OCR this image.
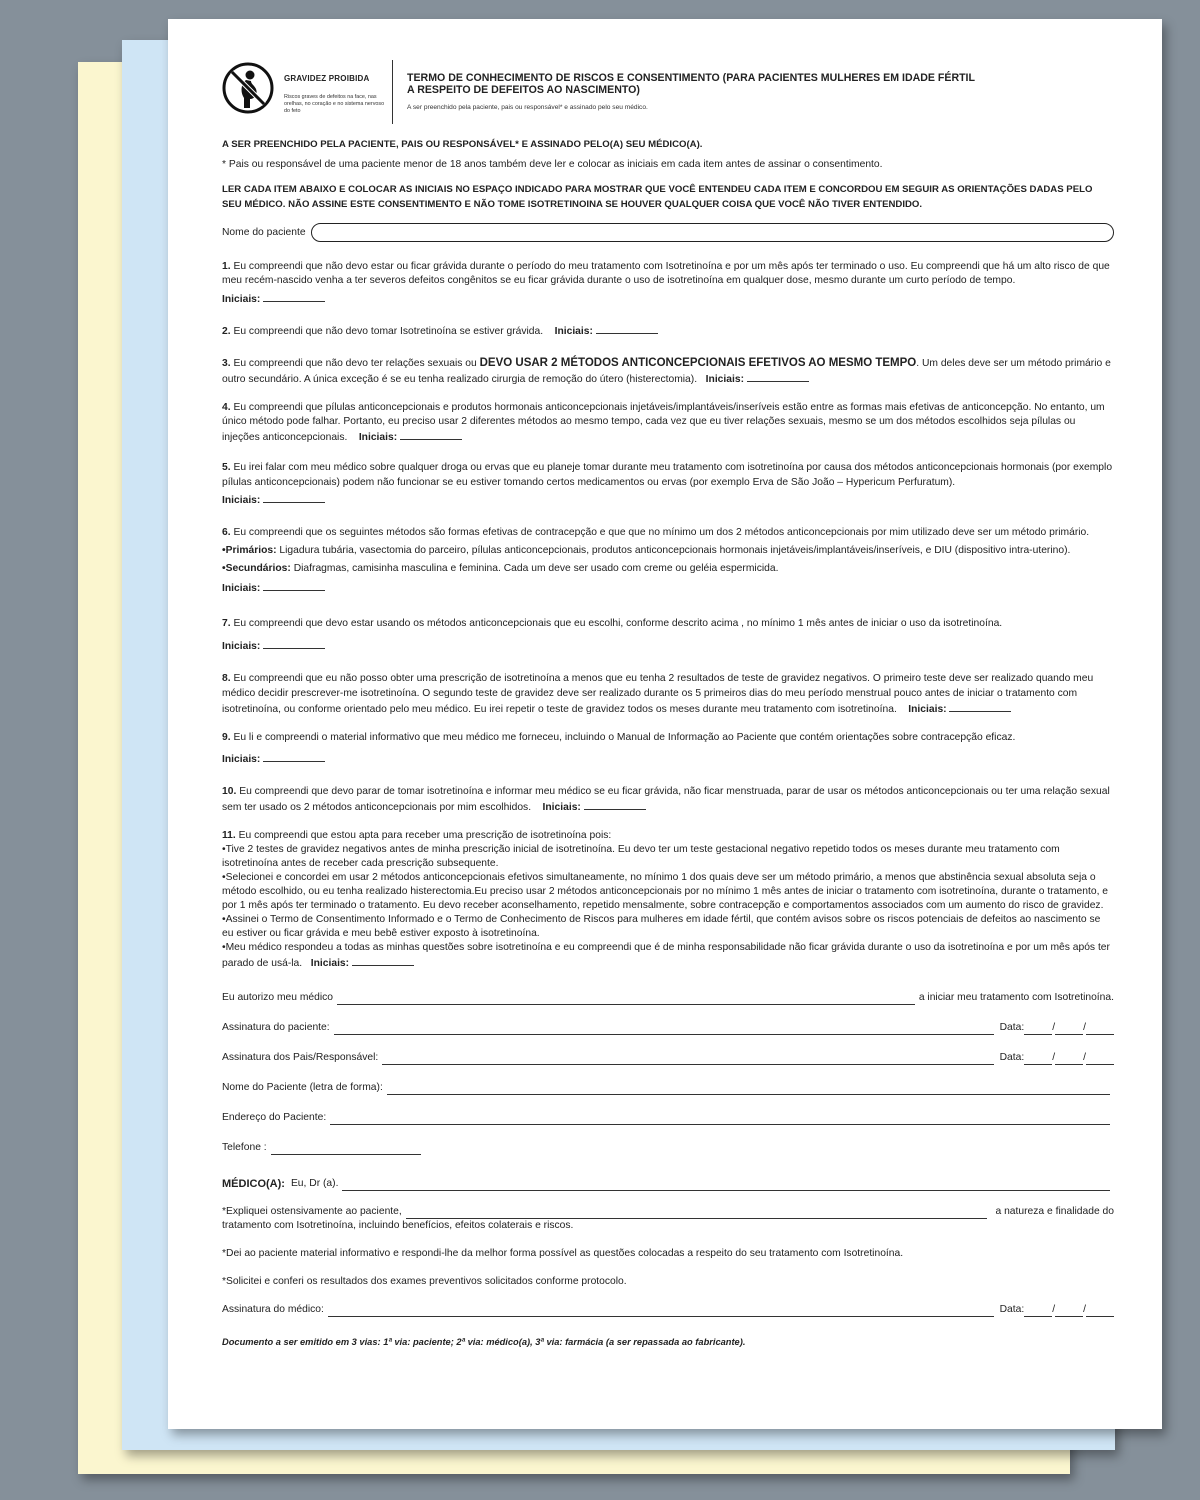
GRAVIDEZ PROIBIDA
Riscos graves de defeitos na face, nas orelhas, no coração e no sistema nervoso do feto
TERMO DE CONHECIMENTO DE RISCOS E CONSENTIMENTO (PARA PACIENTES MULHERES EM IDADE FÉRTIL
A RESPEITO DE DEFEITOS AO NASCIMENTO)
A ser preenchido pela paciente, pais ou responsável* e assinado pelo seu médico.
A SER PREENCHIDO PELA PACIENTE, PAIS OU RESPONSÁVEL* E ASSINADO PELO(A) SEU MÉDICO(A).
* Pais ou responsável de uma paciente menor de 18 anos também deve ler e colocar as iniciais em cada item antes de assinar o consentimento.
LER CADA ITEM ABAIXO E COLOCAR AS INICIAIS NO ESPAÇO INDICADO PARA MOSTRAR QUE VOCÊ ENTENDEU CADA ITEM E CONCORDOU EM SEGUIR AS ORIENTAÇÕES DADAS PELO SEU MÉDICO. NÃO ASSINE ESTE CONSENTIMENTO E NÃO TOME ISOTRETINOINA SE HOUVER QUALQUER COISA QUE VOCÊ NÃO TIVER ENTENDIDO.
Nome do paciente
1. Eu compreendi que não devo estar ou ficar grávida durante o período do meu tratamento com Isotretinoína e por um mês após ter terminado o uso. Eu compreendi que há um alto risco de que meu recém-nascido venha a ter severos defeitos congênitos se eu ficar grávida durante o uso de isotretinoína em qualquer dose, mesmo durante um curto período de tempo.
Iniciais:
2. Eu compreendi que não devo tomar Isotretinoína se estiver grávida. Iniciais:
3. Eu compreendi que não devo ter relações sexuais ou DEVO USAR 2 MÉTODOS ANTICONCEPCIONAIS EFETIVOS AO MESMO TEMPO. Um deles deve ser um método primário e outro secundário. A única exceção é se eu tenha realizado cirurgia de remoção do útero (histerectomia). Iniciais:
4. Eu compreendi que pílulas anticoncepcionais e produtos hormonais anticoncepcionais injetáveis/implantáveis/inseríveis estão entre as formas mais efetivas de anticoncepção. No entanto, um único método pode falhar. Portanto, eu preciso usar 2 diferentes métodos ao mesmo tempo, cada vez que eu tiver relações sexuais, mesmo se um dos métodos escolhidos seja pílulas ou injeções anticoncepcionais. Iniciais:
5. Eu irei falar com meu médico sobre qualquer droga ou ervas que eu planeje tomar durante meu tratamento com isotretinoína por causa dos métodos anticoncepcionais hormonais (por exemplo pílulas anticoncepcionais) podem não funcionar se eu estiver tomando certos medicamentos ou ervas (por exemplo Erva de São João – Hypericum Perfuratum).
Iniciais:
6. Eu compreendi que os seguintes métodos são formas efetivas de contracepção e que que no mínimo um dos 2 métodos anticoncepcionais por mim utilizado deve ser um método primário.
•Primários: Ligadura tubária, vasectomia do parceiro, pílulas anticoncepcionais, produtos anticoncepcionais hormonais injetáveis/implantáveis/inseríveis, e DIU (dispositivo intra-uterino).
•Secundários: Diafragmas, camisinha masculina e feminina. Cada um deve ser usado com creme ou geléia espermicida.
Iniciais:
7. Eu compreendi que devo estar usando os métodos anticoncepcionais que eu escolhi, conforme descrito acima , no mínimo 1 mês antes de iniciar o uso da isotretinoína.
Iniciais:
8. Eu compreendi que eu não posso obter uma prescrição de isotretinoína a menos que eu tenha 2 resultados de teste de gravidez negativos. O primeiro teste deve ser realizado quando meu médico decidir prescrever-me isotretinoína. O segundo teste de gravidez deve ser realizado durante os 5 primeiros dias do meu período menstrual pouco antes de iniciar o tratamento com isotretinoína, ou conforme orientado pelo meu médico. Eu irei repetir o teste de gravidez todos os meses durante meu tratamento com isotretinoína. Iniciais:
9. Eu li e compreendi o material informativo que meu médico me forneceu, incluindo o Manual de Informação ao Paciente que contém orientações sobre contracepção eficaz.
Iniciais:
10. Eu compreendi que devo parar de tomar isotretinoína e informar meu médico se eu ficar grávida, não ficar menstruada, parar de usar os métodos anticoncepcionais ou ter uma relação sexual sem ter usado os 2 métodos anticoncepcionais por mim escolhidos. Iniciais:
11. Eu compreendi que estou apta para receber uma prescrição de isotretinoína pois:
•Tive 2 testes de gravidez negativos antes de minha prescrição inicial de isotretinoína. Eu devo ter um teste gestacional negativo repetido todos os meses durante meu tratamento com isotretinoína antes de receber cada prescrição subsequente.
•Selecionei e concordei em usar 2 métodos anticoncepcionais efetivos simultaneamente, no mínimo 1 dos quais deve ser um método primário, a menos que abstinência sexual absoluta seja o método escolhido, ou eu tenha realizado histerectomia.Eu preciso usar 2 métodos anticoncepcionais por no mínimo 1 mês antes de iniciar o tratamento com isotretinoína, durante o tratamento, e por 1 mês após ter terminado o tratamento. Eu devo receber aconselhamento, repetido mensalmente, sobre contracepção e comportamentos associados com um aumento do risco de gravidez.
•Assinei o Termo de Consentimento Informado e o Termo de Conhecimento de Riscos para mulheres em idade fértil, que contém avisos sobre os riscos potenciais de defeitos ao nascimento se eu estiver ou ficar grávida e meu bebê estiver exposto à isotretinoína.
•Meu médico respondeu a todas as minhas questões sobre isotretinoína e eu compreendi que é de minha responsabilidade não ficar grávida durante o uso da isotretinoína e por um mês após ter parado de usá-la. Iniciais:
Eu autorizo meu médico	a iniciar meu tratamento com Isotretinoína.
Assinatura do paciente:	Data:	/	/
Assinatura dos Pais/Responsável:	Data:	/	/
Nome do Paciente (letra de forma):
Endereço do Paciente:
Telefone :
MÉDICO(A): Eu, Dr (a).
*Expliquei ostensivamente ao paciente,	a natureza e finalidade do
tratamento com Isotretinoína, incluindo benefícios, efeitos colaterais e riscos.
*Dei ao paciente material informativo e respondi-lhe da melhor forma possível as questões colocadas a respeito do seu tratamento com Isotretinoína.
*Solicitei e conferi os resultados dos exames preventivos solicitados conforme protocolo.
Assinatura do médico:	Data:	/	/
Documento a ser emitido em 3 vias: 1ª via: paciente; 2ª via: médico(a), 3ª via: farmácia (a ser repassada ao fabricante).
